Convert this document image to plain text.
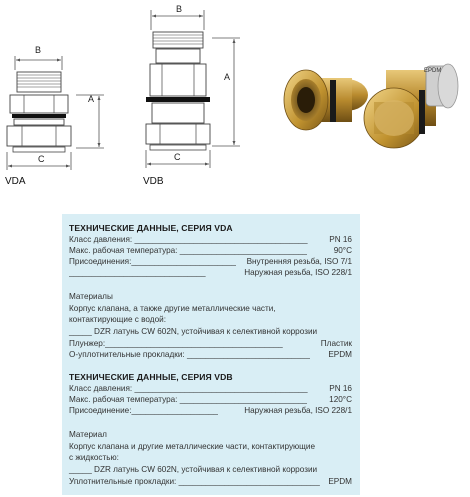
B
A
C
VDA
B
A
C
VDB
EPDM
ТЕХНИЧЕСКИЕ ДАННЫЕ, СЕРИЯ VDA
Класс давления: ______________________________________	PN 16
Макс. рабочая температура: ____________________________	90°C
Присоединения:_______________________ Внутренняя резьба, ISO 7/1
______________________________	Наружная резьба, ISO 228/1
Материалы
Корпус клапана, а также другие металлические части,
контактирующие с водой:
_____ DZR латунь CW 602N, устойчивая к селективной коррозии
Плунжер:_______________________________________	Пластик
О-уплотнительные прокладки: ___________________________ EPDM
ТЕХНИЧЕСКИЕ ДАННЫЕ, СЕРИЯ VDB
Класс давления: ______________________________________	PN 16
Макс. рабочая температура: ____________________________	120°C
Присоединение:___________________	Наружная резьба, ISO 228/1
Материал
Корпус клапана и другие металлические части, контактирующие
с жидкостью:
_____ DZR латунь CW 602N, устойчивая к селективной коррозии
Уплотнительные прокладки: _______________________________ EPDM
